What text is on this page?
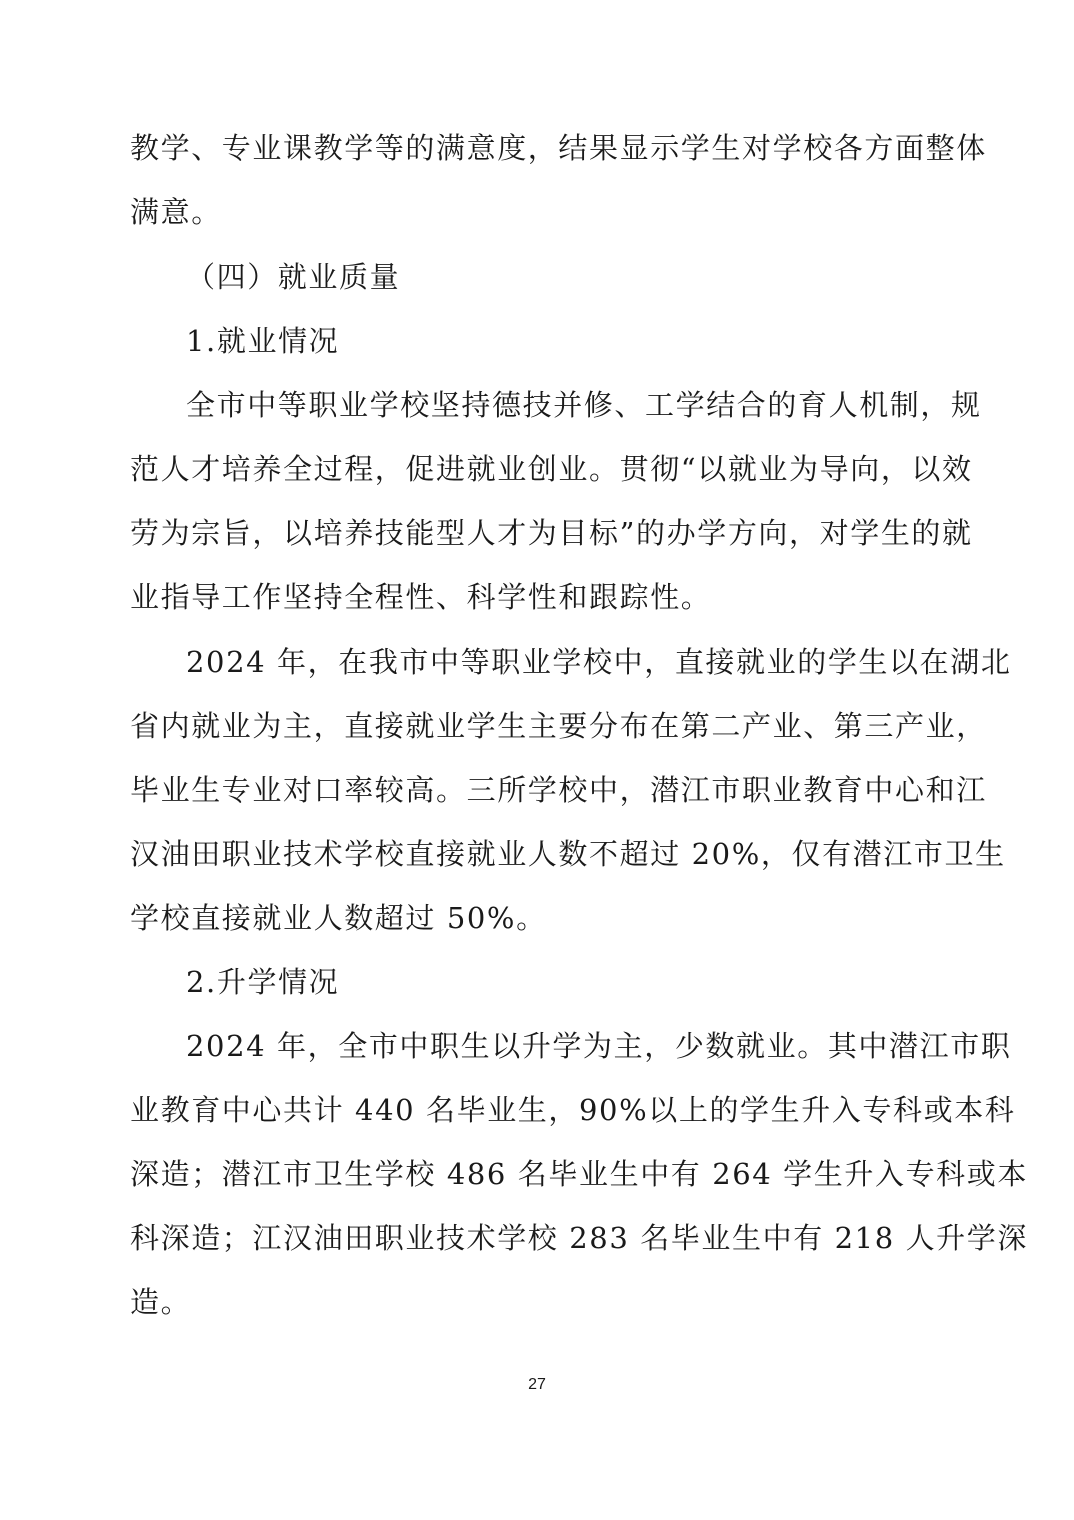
教学、专业课教学等的满意度，结果显示学生对学校各方面整体
满意。
（四）就业质量
1.就业情况
全市中等职业学校坚持德技并修、工学结合的育人机制，规
范人才培养全过程，促进就业创业。贯彻“以就业为导向，以效
劳为宗旨，以培养技能型人才为目标”的办学方向，对学生的就
业指导工作坚持全程性、科学性和跟踪性。
2024 年，在我市中等职业学校中，直接就业的学生以在湖北
省内就业为主，直接就业学生主要分布在第二产业、第三产业，
毕业生专业对口率较高。三所学校中，潜江市职业教育中心和江
汉油田职业技术学校直接就业人数不超过 20%，仅有潜江市卫生
学校直接就业人数超过 50%。
2.升学情况
2024 年，全市中职生以升学为主，少数就业。其中潜江市职
业教育中心共计 440 名毕业生，90%以上的学生升入专科或本科
深造；潜江市卫生学校 486 名毕业生中有 264 学生升入专科或本
科深造；江汉油田职业技术学校 283 名毕业生中有 218 人升学深
造。
27
